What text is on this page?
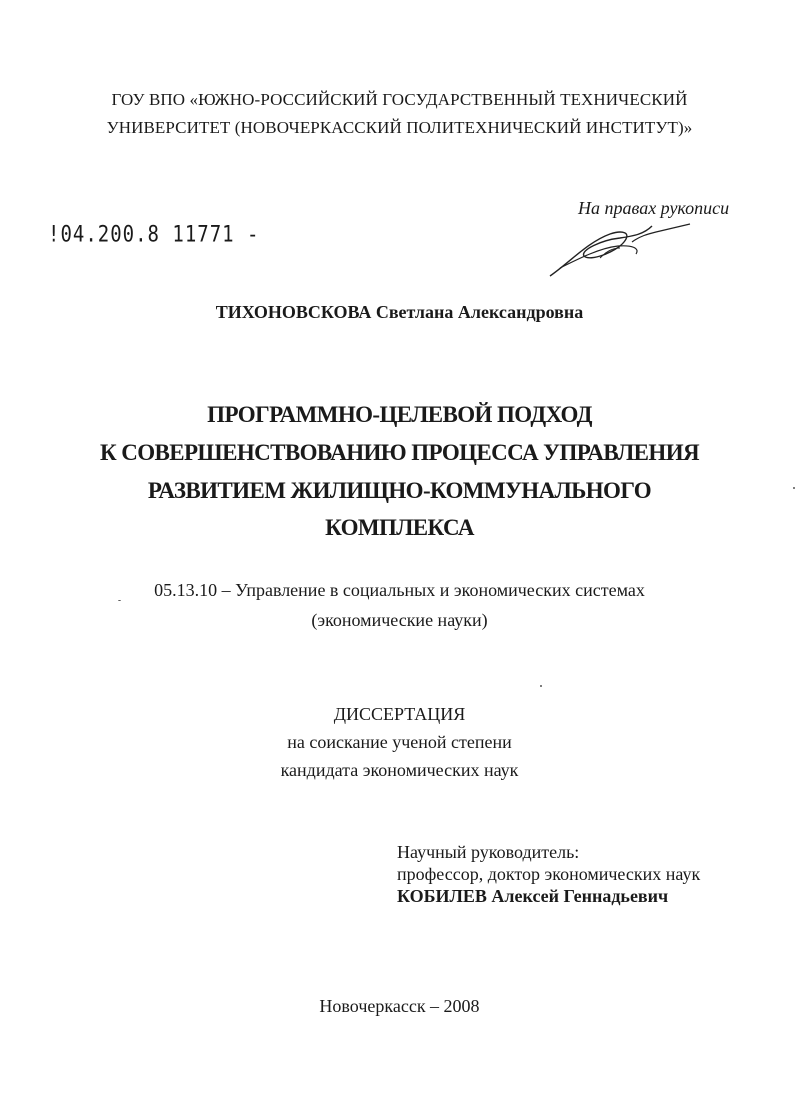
ГОУ ВПО «ЮЖНО-РОССИЙСКИЙ ГОСУДАРСТВЕННЫЙ ТЕХНИЧЕСКИЙ
УНИВЕРСИТЕТ (НОВОЧЕРКАССКИЙ ПОЛИТЕХНИЧЕСКИЙ ИНСТИТУТ)»
!04.200.8 11771 -
На правах рукописи
ТИХОНОВСКОВА Светлана Александровна
ПРОГРАММНО-ЦЕЛЕВОЙ ПОДХОД
К СОВЕРШЕНСТВОВАНИЮ ПРОЦЕССА УПРАВЛЕНИЯ
РАЗВИТИЕМ ЖИЛИЩНО-КОММУНАЛЬНОГО
КОМПЛЕКСА
05.13.10 – Управление в социальных и экономических системах
(экономические науки)
ДИССЕРТАЦИЯ
на соискание ученой степени
кандидата экономических наук
Научный руководитель:
профессор, доктор экономических наук
КОБИЛЕВ Алексей Геннадьевич
Новочеркасск – 2008
